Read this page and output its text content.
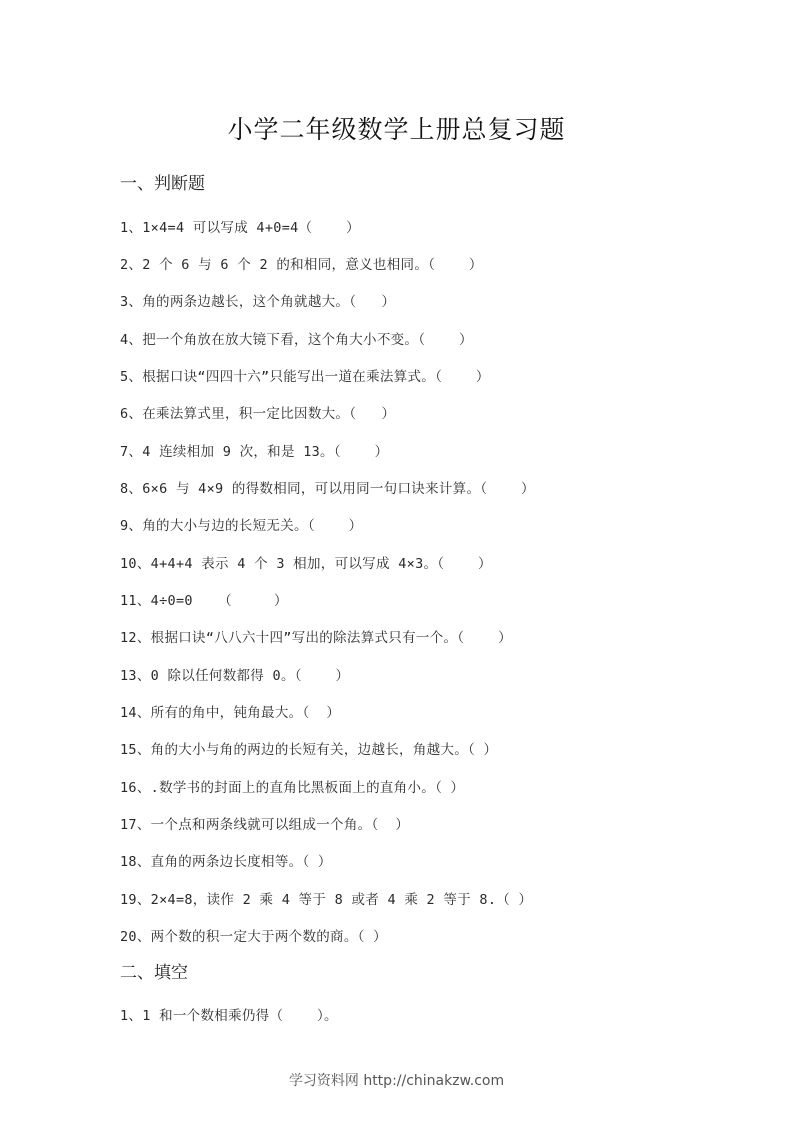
小学二年级数学上册总复习题
一、判断题
1、1×4=4 可以写成 4+0=4（    ）
2、2 个 6 与 6 个 2 的和相同，意义也相同。（    ）
3、角的两条边越长，这个角就越大。（   ）
4、把一个角放在放大镜下看，这个角大小不变。（    ）
5、根据口诀“四四十六”只能写出一道在乘法算式。（    ）
6、在乘法算式里，积一定比因数大。（   ）
7、4 连续相加 9 次，和是 13。（    ）
8、6×6 与 4×9 的得数相同，可以用同一句口诀来计算。（    ）
9、角的大小与边的长短无关。（    ）
10、4+4+4 表示 4 个 3 相加，可以写成 4×3。（    ）
11、4÷0=0   （     ）
12、根据口诀“八八六十四”写出的除法算式只有一个。（    ）
13、0 除以任何数都得 0。（    ）
14、所有的角中，钝角最大。（  ）
15、角的大小与角的两边的长短有关，边越长，角越大。（ ）
16、.数学书的封面上的直角比黑板面上的直角小。（ ）
17、一个点和两条线就可以组成一个角。（  ）
18、直角的两条边长度相等。（ ）
19、2×4=8，读作 2 乘 4 等于 8 或者 4 乘 2 等于 8.（ ）
20、两个数的积一定大于两个数的商。（ ）
二、填空
1、1 和一个数相乘仍得（    ）。
学习资料网 http://chinakzw.com
